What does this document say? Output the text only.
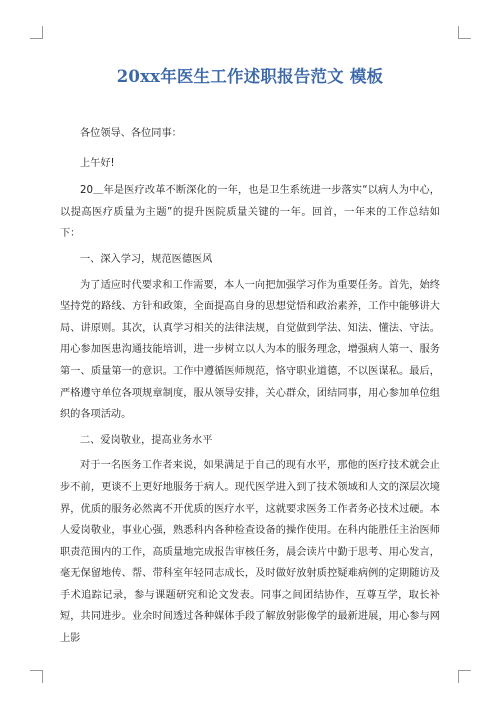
20xx年医生工作述职报告范文 模板

各位领导、各位同事：

上午好!

20＿年是医疗改革不断深化的一年，也是卫生系统进一步落实“以病人为中心，以提高医疗质量为主题”的提升医院质量关键的一年。回首，一年来的工作总结如下：

一、深入学习，规范医德医风

为了适应时代要求和工作需要，本人一向把加强学习作为重要任务。首先，始终坚持党的路线、方针和政策，全面提高自身的思想觉悟和政治素养，工作中能够讲大局、讲原则。其次，认真学习相关的法律法规，自觉做到学法、知法、懂法、守法。用心参加医患沟通技能培训，进一步树立以人为本的服务理念，增强病人第一、服务第一、质量第一的意识。工作中遵循医师规范，恪守职业道德，不以医谋私。最后，严格遵守单位各项规章制度，服从领导安排，关心群众，团结同事，用心参加单位组织的各项活动。

二、爱岗敬业，提高业务水平

对于一名医务工作者来说，如果满足于自己的现有水平，那他的医疗技术就会止步不前，更谈不上更好地服务于病人。现代医学进入到了技术领域和人文的深层次境界，优质的服务必然离不开优质的医疗水平，这就要求医务工作者务必技术过硬。本人爱岗敬业，事业心强，熟悉科内各种检查设备的操作使用。在科内能胜任主治医师职责范围内的工作，高质量地完成报告审核任务，晨会读片中勤于思考、用心发言，毫无保留地传、帮、带科室年轻同志成长，及时做好放射质控疑难病例的定期随访及手术追踪记录，参与课题研究和论文发表。同事之间团结协作，互尊互学，取长补短，共同进步。业余时间透过各种媒体手段了解放射影像学的最新进展，用心参与网上影
